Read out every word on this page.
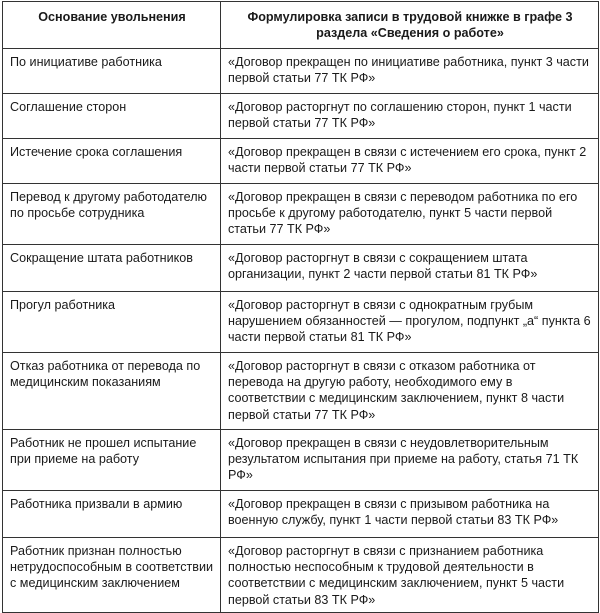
Основание увольнения	Формулировка записи в трудовой книжке в графе 3 раздела «Сведения о работе»
По инициативе работника	«Договор прекращен по инициативе работника, пункт 3 части первой статьи 77 ТК РФ»
Соглашение сторон	«Договор расторгнут по соглашению сторон, пункт 1 части первой статьи 77 ТК РФ»
Истечение срока соглашения	«Договор прекращен в связи с истечением его срока, пункт 2 части первой статьи 77 ТК РФ»
Перевод к другому работодателю по просьбе сотрудника	«Договор прекращен в связи с переводом работника по его просьбе к другому работодателю, пункт 5 части первой статьи 77 ТК РФ»
Сокращение штата работников	«Договор расторгнут в связи с сокращением штата организации, пункт 2 части первой статьи 81 ТК РФ»
Прогул работника	«Договор расторгнут в связи с однократным грубым нарушением обязанностей — прогулом, подпункт „а“ пункта 6 части первой статьи 81 ТК РФ»
Отказ работника от перевода по медицинским показаниям	«Договор расторгнут в связи с отказом работника от перевода на другую работу, необходимого ему в соответствии с медицинским заключением, пункт 8 части первой статьи 77 ТК РФ»
Работник не прошел испытание при приеме на работу	«Договор прекращен в связи с неудовлетворительным результатом испытания при приеме на работу, статья 71 ТК РФ»
Работника призвали в армию	«Договор прекращен в связи с призывом работника на военную службу, пункт 1 части первой статьи 83 ТК РФ»
Работник признан полностью нетрудоспособным в соответствии с медицинским заключением	«Договор расторгнут в связи с признанием работника полностью неспособным к трудовой деятельности в соответствии с медицинским заключением, пункт 5 части первой статьи 83 ТК РФ»
